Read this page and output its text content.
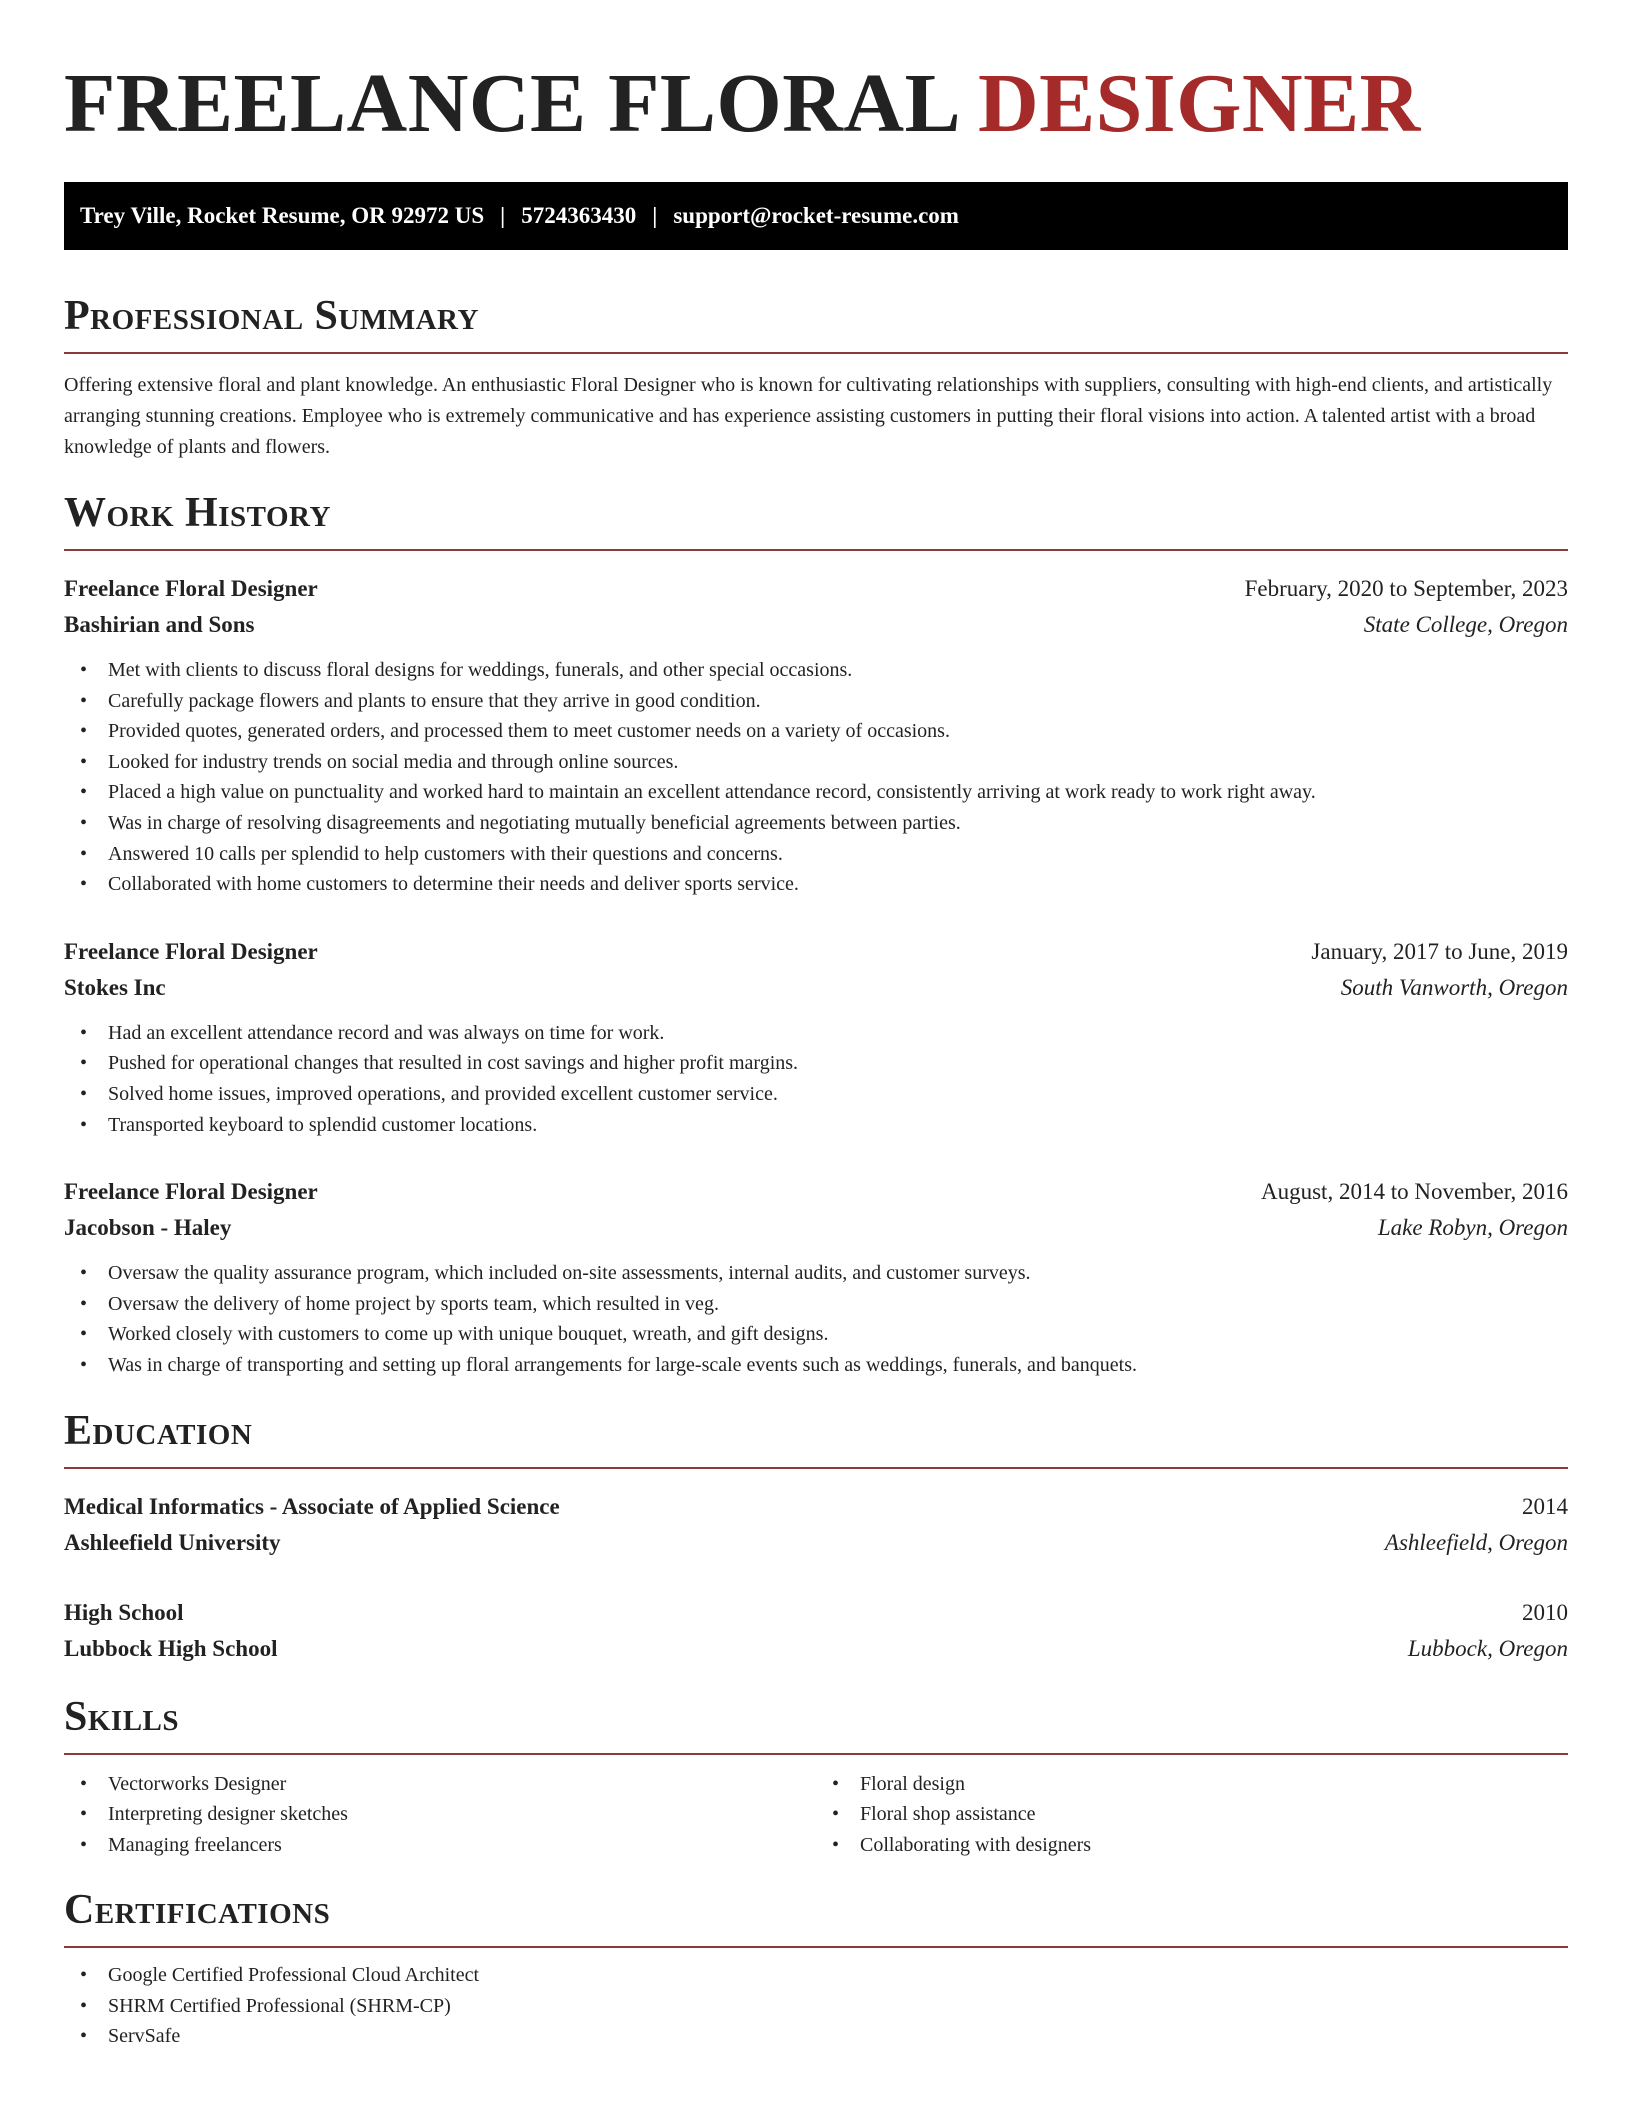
FREELANCE FLORAL DESIGNER
Trey Ville, Rocket Resume, OR 92972 US | 5724363430 | support@rocket-resume.com
Professional Summary

Offering extensive floral and plant knowledge. An enthusiastic Floral Designer who is known for cultivating relationships with suppliers, consulting with high-end clients, and artistically arranging stunning creations. Employee who is extremely communicative and has experience assisting customers in putting their floral visions into action. A talented artist with a broad knowledge of plants and flowers.

Work History
Freelance Floral Designer	February, 2020 to September, 2023
Bashirian and Sons	State College, Oregon
• Met with clients to discuss floral designs for weddings, funerals, and other special occasions.
• Carefully package flowers and plants to ensure that they arrive in good condition.
• Provided quotes, generated orders, and processed them to meet customer needs on a variety of occasions.
• Looked for industry trends on social media and through online sources.
• Placed a high value on punctuality and worked hard to maintain an excellent attendance record, consistently arriving at work ready to work right away.
• Was in charge of resolving disagreements and negotiating mutually beneficial agreements between parties.
• Answered 10 calls per splendid to help customers with their questions and concerns.
• Collaborated with home customers to determine their needs and deliver sports service.
Freelance Floral Designer	January, 2017 to June, 2019
Stokes Inc	South Vanworth, Oregon
• Had an excellent attendance record and was always on time for work.
• Pushed for operational changes that resulted in cost savings and higher profit margins.
• Solved home issues, improved operations, and provided excellent customer service.
• Transported keyboard to splendid customer locations.
Freelance Floral Designer	August, 2014 to November, 2016
Jacobson - Haley	Lake Robyn, Oregon
• Oversaw the quality assurance program, which included on-site assessments, internal audits, and customer surveys.
• Oversaw the delivery of home project by sports team, which resulted in veg.
• Worked closely with customers to come up with unique bouquet, wreath, and gift designs.
• Was in charge of transporting and setting up floral arrangements for large-scale events such as weddings, funerals, and banquets.
Education
Medical Informatics - Associate of Applied Science	2014
Ashleefield University	Ashleefield, Oregon
High School	2010
Lubbock High School	Lubbock, Oregon
Skills
• Vectorworks Designer
• Interpreting designer sketches
• Managing freelancers
• Floral design
• Floral shop assistance
• Collaborating with designers
Certifications
• Google Certified Professional Cloud Architect
• SHRM Certified Professional (SHRM-CP)
• ServSafe
